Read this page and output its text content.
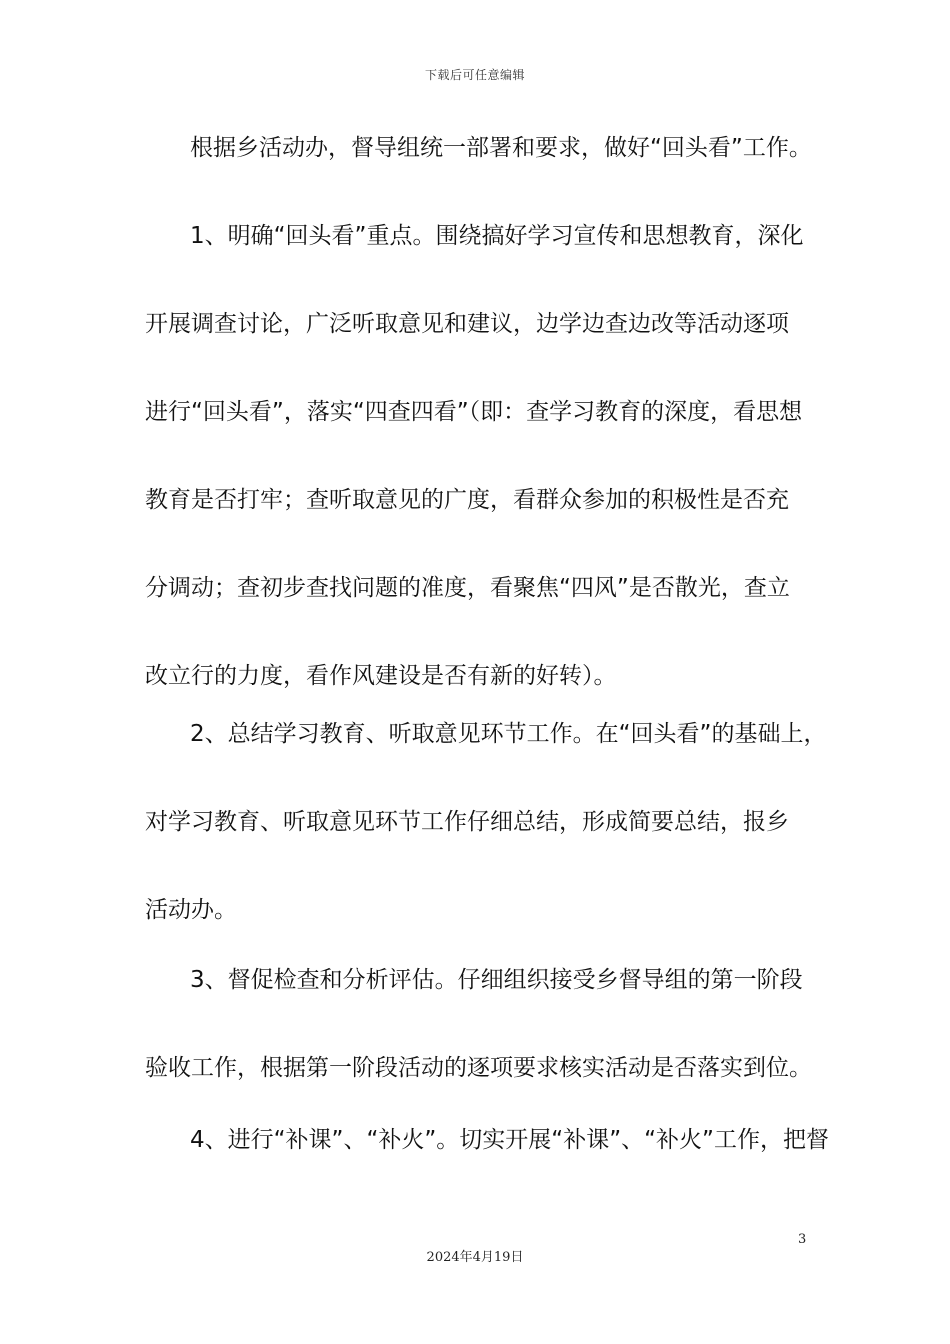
下载后可任意编辑
根据乡活动办，督导组统一部署和要求，做好“回头看”工作。
1、明确“回头看”重点。围绕搞好学习宣传和思想教育，深化
开展调查讨论，广泛听取意见和建议，边学边查边改等活动逐项
进行“回头看”，落实“四查四看”（即：查学习教育的深度，看思想
教育是否打牢；查听取意见的广度，看群众参加的积极性是否充
分调动；查初步查找问题的准度，看聚焦“四风”是否散光，查立
改立行的力度，看作风建设是否有新的好转）。
2、总结学习教育、听取意见环节工作。在“回头看”的基础上，
对学习教育、听取意见环节工作仔细总结，形成简要总结，报乡
活动办。
3、督促检查和分析评估。仔细组织接受乡督导组的第一阶段
验收工作，根据第一阶段活动的逐项要求核实活动是否落实到位。
4、进行“补课”、“补火”。切实开展“补课”、“补火”工作，把督
3
2024年4月19日
